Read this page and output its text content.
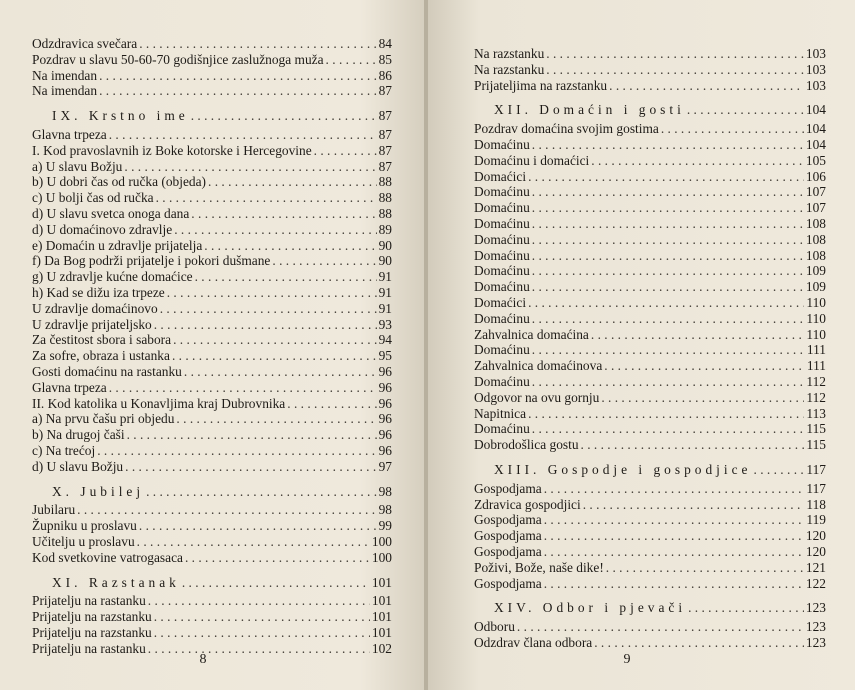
Odzdravica svečara . . .	84
Pozdrav u slavu 50-60-70 godišnjice zaslužnoga muža . . .	85
Na imendan . . .	86
Na imendan . . .	87
IX. Krstno ime . . .	87
Glavna trpeza . . .	87
I. Kod pravoslavnih iz Boke kotorske i Hercegovine . . .	87
a) U slavu Božju . . .	87
b) U dobri čas od ručka (objeda) . . .	88
c) U bolji čas od ručka . . .	88
d) U slavu svetca onoga dana . . .	88
d) U domaćinovo zdravlje . . .	89
e) Domaćin u zdravlje prijatelja . . .	90
f) Da Bog podrži prijatelje i pokori dušmane . . .	90
g) U zdravlje kućne domaćice . . .	91
h) Kad se dižu iza trpeze . . .	91
U zdravlje domaćinovo . . .	91
U zdravlje prijateljsko . . .	93
Za čestitost sbora i sabora . . .	94
Za sofre, obraza i ustanka . . .	95
Gosti domaćinu na rastanku . . .	96
Glavna trpeza . . .	96
II. Kod katolika u Konavljima kraj Dubrovnika . . .	96
a) Na prvu čašu pri objedu . . .	96
b) Na drugoj čaši . . .	96
c) Na trećoj . . .	96
d) U slavu Božju . . .	97
X. Jubilej . . .	98
Jubilaru . . .	98
Župniku u proslavu . . .	99
Učitelju u proslavu . . .	100
Kod svetkovine vatrogasaca . . .	100
XI. Razstanak . . .	101
Prijatelju na rastanku . . .	101
Prijatelju na razstanku . . .	101
Prijatelju na razstanku . . .	101
Prijatelju na rastanku . . .	102
8
Na razstanku . . .	103
Na razstanku . . .	103
Prijateljima na razstanku . . .	103
XII. Domaćin i gosti . . .	104
Pozdrav domaćina svojim gostima . . .	104
Domaćinu . . .	104
Domaćinu i domaćici . . .	105
Domaćici . . .	106
Domaćinu . . .	107
Domaćinu . . .	107
Domaćinu . . .	108
Domaćinu . . .	108
Domaćinu . . .	108
Domaćinu . . .	109
Domaćinu . . .	109
Domaćici . . .	110
Domaćinu . . .	110
Zahvalnica domaćina . . .	110
Domaćinu . . .	111
Zahvalnica domaćinova . . .	111
Domaćinu . . .	112
Odgovor na ovu gornju . . .	112
Napitnica . . .	113
Domaćinu . . .	115
Dobrodošlica gostu . . .	115
XIII. Gospodje i gospodjice . . .	117
Gospodjama . . .	117
Zdravica gospodjici . . .	118
Gospodjama . . .	119
Gospodjama . . .	120
Gospodjama . . .	120
Poživi, Bože, naše dike! . . .	121
Gospodjama . . .	122
XIV. Odbor i pjevači . . .	123
Odboru . . .	123
Odzdrav člana odbora . . .	123
9
